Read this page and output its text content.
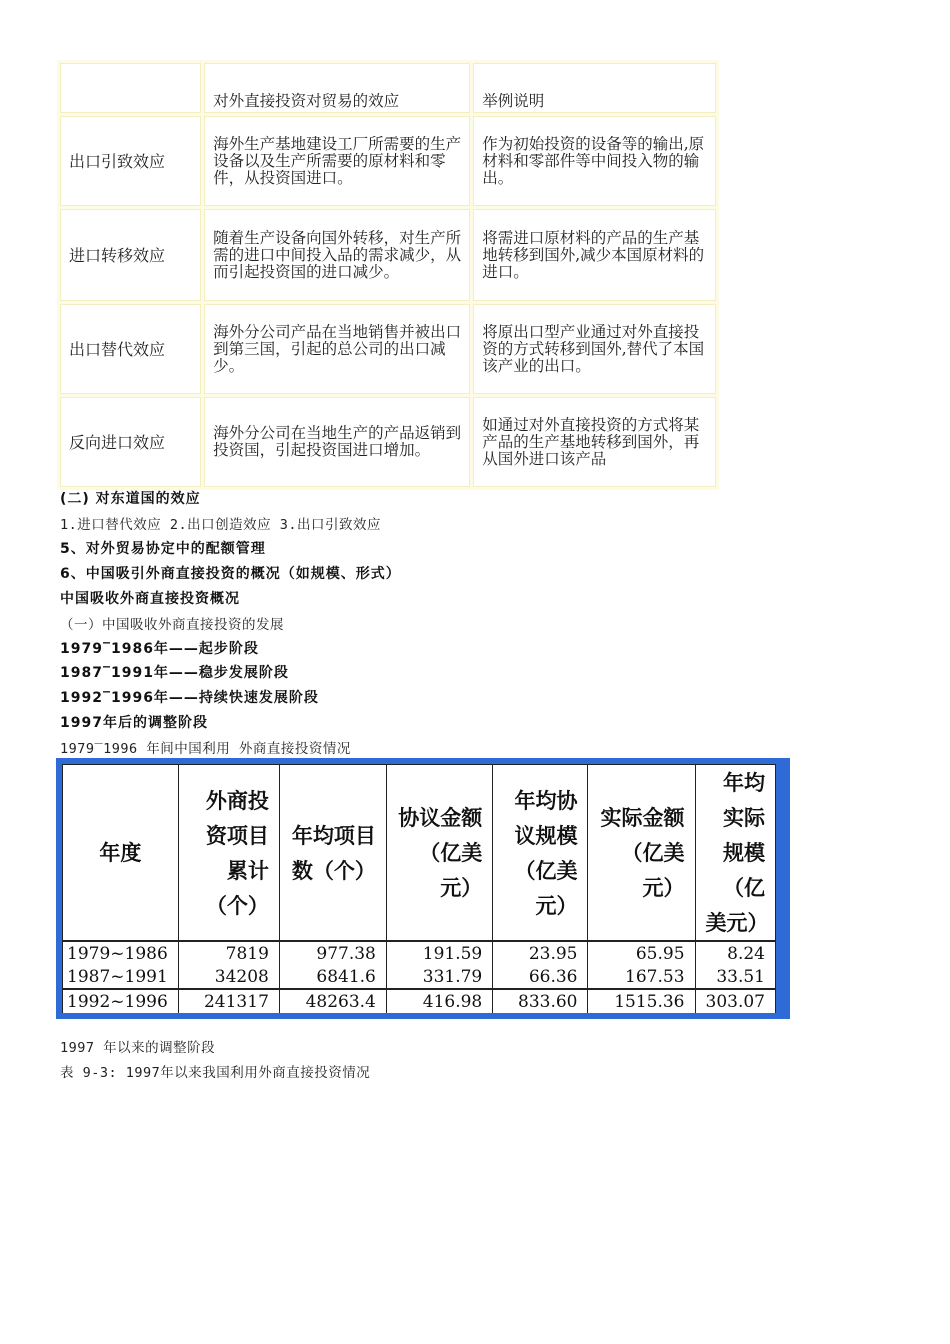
	对外直接投资对贸易的效应	举例说明
出口引致效应	海外生产基地建设工厂所需要的生产设备以及生产所需要的原材料和零件，从投资国进口。	作为初始投资的设备等的输出,原材料和零部件等中间投入物的输出。
进口转移效应	随着生产设备向国外转移，对生产所需的进口中间投入品的需求减少，从而引起投资国的进口减少。	将需进口原材料的产品的生产基地转移到国外,减少本国原材料的进口。
出口替代效应	海外分公司产品在当地销售并被出口到第三国，引起的总公司的出口减少。	将原出口型产业通过对外直接投资的方式转移到国外,替代了本国该产业的出口。
反向进口效应	海外分公司在当地生产的产品返销到投资国，引起投资国进口增加。	如通过对外直接投资的方式将某产品的生产基地转移到国外，再从国外进口该产品
(二) 对东道国的效应
1.进口替代效应 2.出口创造效应 3.出口引致效应
5、对外贸易协定中的配额管理
6、中国吸引外商直接投资的概况（如规模、形式）
中国吸收外商直接投资概况
（一）中国吸收外商直接投资的发展
1979‾1986年——起步阶段
1987‾1991年——稳步发展阶段
1992‾1996年——持续快速发展阶段
1997年后的调整阶段
1979‾1996 年间中国利用 外商直接投资情况
年度	外商投资项目累计（个）	年均项目数（个）	协议金额（亿美元）	年均协议规模（亿美元）	实际金额（亿美元）	年均实际规模（亿美元）
1979~1986	7819	977.38	191.59	23.95	65.95	8.24
1987~1991	34208	6841.6	331.79	66.36	167.53	33.51
1992~1996	241317	48263.4	416.98	833.60	1515.36	303.07
1997 年以来的调整阶段
表 9-3: 1997年以来我国利用外商直接投资情况
